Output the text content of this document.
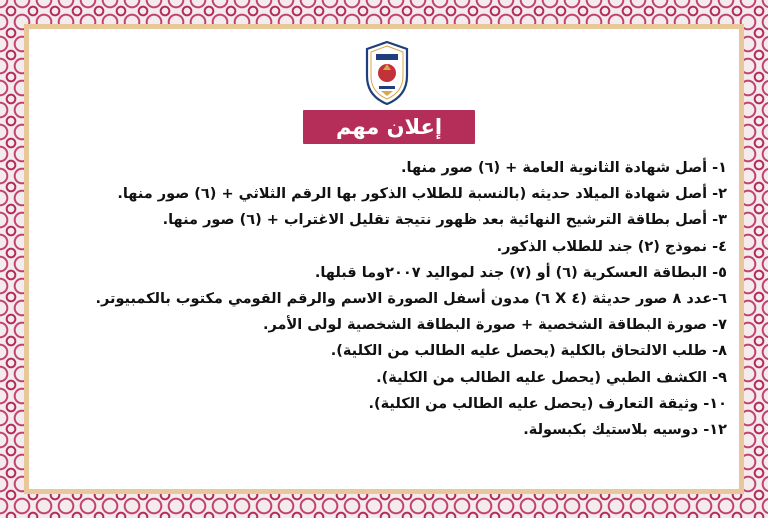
إعلان مهم
١- أصل شهادة الثانوية العامة + (٦) صور منها.
٢- أصل شهادة الميلاد حديثه (بالنسبة للطلاب الذكور بها الرقم الثلاثي + (٦) صور منها.
٣- أصل بطاقة الترشيح النهائية بعد ظهور نتيجة تقليل الاغتراب + (٦) صور منها.
٤- نموذج (٢) جند للطلاب الذكور.
٥- البطاقة العسكرية (٦) أو (٧) جند لمواليد ٢٠٠٧وما قبلها.
٦-عدد ٨ صور حديثة (٤ X ٦) مدون أسفل الصورة الاسم والرقم القومي مكتوب بالكمبيوتر.
٧- صورة البطاقة الشخصية + صورة البطاقة الشخصية لولى الأمر.
٨- طلب الالتحاق بالكلية (يحصل عليه الطالب من الكلية).
٩- الكشف الطبي (يحصل عليه الطالب من الكلية).
١٠- وثيقة التعارف (يحصل عليه الطالب من الكلية).
١٢- دوسيه بلاستيك بكبسولة.
